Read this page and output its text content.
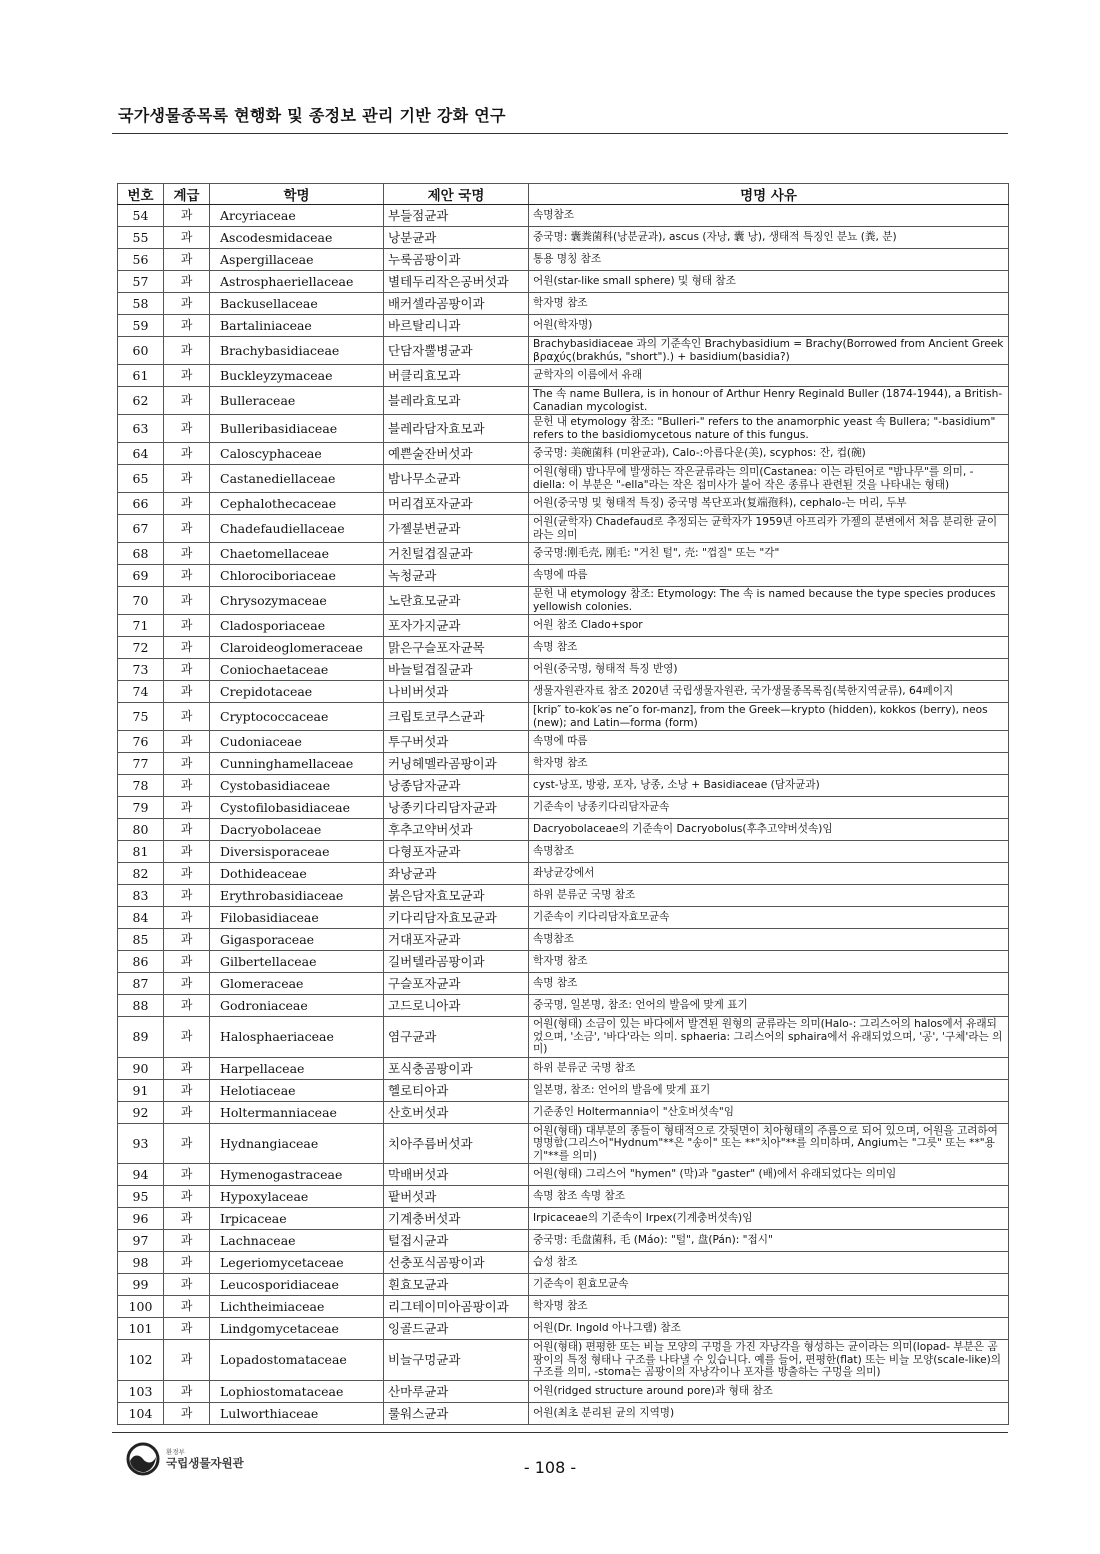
국가생물종목록 현행화 및 종정보 관리 기반 강화 연구
번호	계급	학명	제안 국명	명명 사유
54	과	Arcyriaceae	부들점균과	속명참조
55	과	Ascodesmidaceae	낭분균과	중국명: 囊粪菌科(낭분균과), ascus (자낭, 囊 낭), 생태적 특징인 분뇨 (粪, 분)
56	과	Aspergillaceae	누룩곰팡이과	통용 명칭 참조
57	과	Astrosphaeriellaceae	별테두리작은공버섯과	어원(star-like small sphere) 및 형태 참조
58	과	Backusellaceae	배커셀라곰팡이과	학자명 참조
59	과	Bartaliniaceae	바르탈리니과	어원(학자명)
60	과	Brachybasidiaceae	단담자뿔병균과	Brachybasidiaceae 과의 기준속인 Brachybasidium = Brachy(Borrowed from Ancient Greek βραχύς(brakhús, "short").) + basidium(basidia?)
61	과	Buckleyzymaceae	버클리효모과	균학자의 이름에서 유래
62	과	Bulleraceae	블레라효모과	The 속 name Bullera, is in honour of Arthur Henry Reginald Buller (1874-1944), a British-Canadian mycologist.
63	과	Bulleribasidiaceae	블레라담자효모과	문헌 내 etymology 참조: "Bulleri-" refers to the anamorphic yeast 속 Bullera; "-basidium" refers to the basidiomycetous nature of this fungus.
64	과	Caloscyphaceae	예쁜술잔버섯과	중국명: 美碗菌科 (미완균과), Calo-:아름다운(美), scyphos: 잔, 컵(碗)
65	과	Castanediellaceae	밤나무소균과	어원(형태) 밤나무에 발생하는 작은균류라는 의미(Castanea: 이는 라틴어로 "밤나무"를 의미, -diella: 이 부분은 "-ella"라는 작은 접미사가 붙어 작은 종류나 관련된 것을 나타내는 형태)
66	과	Cephalothecaceae	머리겹포자균과	어원(중국명 및 형태적 특징) 중국명 복단포과(复端孢科), cephalo-는 머리, 두부
67	과	Chadefaudiellaceae	가젤분변균과	어원(균학자) Chadefaud로 추정되는 균학자가 1959년 아프리카 가젤의 분변에서 처음 분리한 균이라는 의미
68	과	Chaetomellaceae	거친털겹질균과	중국명:刚毛壳, 刚毛: "거친 털", 壳: "껍질" 또는 "각"
69	과	Chlorociboriaceae	녹청균과	속명에 따름
70	과	Chrysozymaceae	노란효모균과	문헌 내 etymology 참조: Etymology: The 속 is named because the type species produces yellowish colonies.
71	과	Cladosporiaceae	포자가지균과	어원 참조 Clado+spor
72	과	Claroideoglomeraceae	맑은구슬포자균목	속명 참조
73	과	Coniochaetaceae	바늘털겹질균과	어원(중국명, 형태적 특징 반영)
74	과	Crepidotaceae	나비버섯과	생물자원관자료 참조 2020년 국립생물자원관, 국가생물종목록집(북한지역균류), 64페이지
75	과	Cryptococcaceae	크립토코쿠스균과	[krip″ to-kok′əs ne″o for-manz], from the Greek—krypto (hidden), kokkos (berry), neos (new); and Latin—forma (form)
76	과	Cudoniaceae	투구버섯과	속명에 따름
77	과	Cunninghamellaceae	커닝헤멜라곰팡이과	학자명 참조
78	과	Cystobasidiaceae	낭종담자균과	cyst-낭포, 방광, 포자, 낭종, 소낭 + Basidiaceae (담자균과)
79	과	Cystofilobasidiaceae	낭종키다리담자균과	기준속이 낭종키다리담자균속
80	과	Dacryobolaceae	후추고약버섯과	Dacryobolaceae의 기준속이 Dacryobolus(후추고약버섯속)임
81	과	Diversisporaceae	다형포자균과	속명참조
82	과	Dothideaceae	좌낭균과	좌낭균강에서
83	과	Erythrobasidiaceae	붉은담자효모균과	하위 분류군 국명 참조
84	과	Filobasidiaceae	키다리담자효모균과	기준속이 키다리담자효모균속
85	과	Gigasporaceae	거대포자균과	속명참조
86	과	Gilbertellaceae	길버텔라곰팡이과	학자명 참조
87	과	Glomeraceae	구슬포자균과	속명 참조
88	과	Godroniaceae	고드로니아과	중국명, 일본명, 참조: 언어의 발음에 맞게 표기
89	과	Halosphaeriaceae	염구균과	어원(형태) 소금이 있는 바다에서 발견된 원형의 균류라는 의미(Halo-: 그리스어의 halos에서 유래되었으며, '소금', '바다'라는 의미. sphaeria: 그리스어의 sphaira에서 유래되었으며, '공', '구체'라는 의미)
90	과	Harpellaceae	포식충곰팡이과	하위 분류군 국명 참조
91	과	Helotiaceae	헬로티아과	일본명, 참조: 언어의 발음에 맞게 표기
92	과	Holtermanniaceae	산호버섯과	기준종인 Holtermannia이 "산호버섯속"임
93	과	Hydnangiaceae	치아주름버섯과	어원(형태) 대부분의 종들이 형태적으로 갓뒷면이 치아형태의 주름으로 되어 있으며, 어원을 고려하여 명명함(그리스어"Hydnum"**은 "송이" 또는 **"치아"**를 의미하며, Angium는 "그릇" 또는 **"용기"**를 의미)
94	과	Hymenogastraceae	막배버섯과	어원(형태) 그리스어 "hymen" (막)과 "gaster" (배)에서 유래되었다는 의미임
95	과	Hypoxylaceae	팥버섯과	속명 참조 속명 참조
96	과	Irpicaceae	기계충버섯과	Irpicaceae의 기준속이 Irpex(기계충버섯속)임
97	과	Lachnaceae	털접시균과	중국명: 毛盘菌科, 毛 (Máo): "털", 盘(Pán): "접시"
98	과	Legeriomycetaceae	선충포식곰팡이과	습성 참조
99	과	Leucosporidiaceae	흰효모균과	기준속이 흰효모균속
100	과	Lichtheimiaceae	리그테이미아곰팡이과	학자명 참조
101	과	Lindgomycetaceae	잉골드균과	어원(Dr. Ingold 아나그램) 참조
102	과	Lopadostomataceae	비늘구멍균과	어원(형태) 편평한 또는 비늘 모양의 구멍을 가진 자낭각을 형성하는 균이라는 의미(lopad- 부분은 곰팡이의 특정 형태나 구조를 나타낼 수 있습니다. 예를 들어, 편평한(flat) 또는 비늘 모양(scale-like)의 구조를 의미, -stoma는 곰팡이의 자낭각이나 포자를 방출하는 구멍을 의미)
103	과	Lophiostomataceae	산마루균과	어원(ridged structure around pore)과 형태 참조
104	과	Lulworthiaceae	룰워스균과	어원(최초 분리된 균의 지역명)
환경부
국립생물자원관	- 108 -
